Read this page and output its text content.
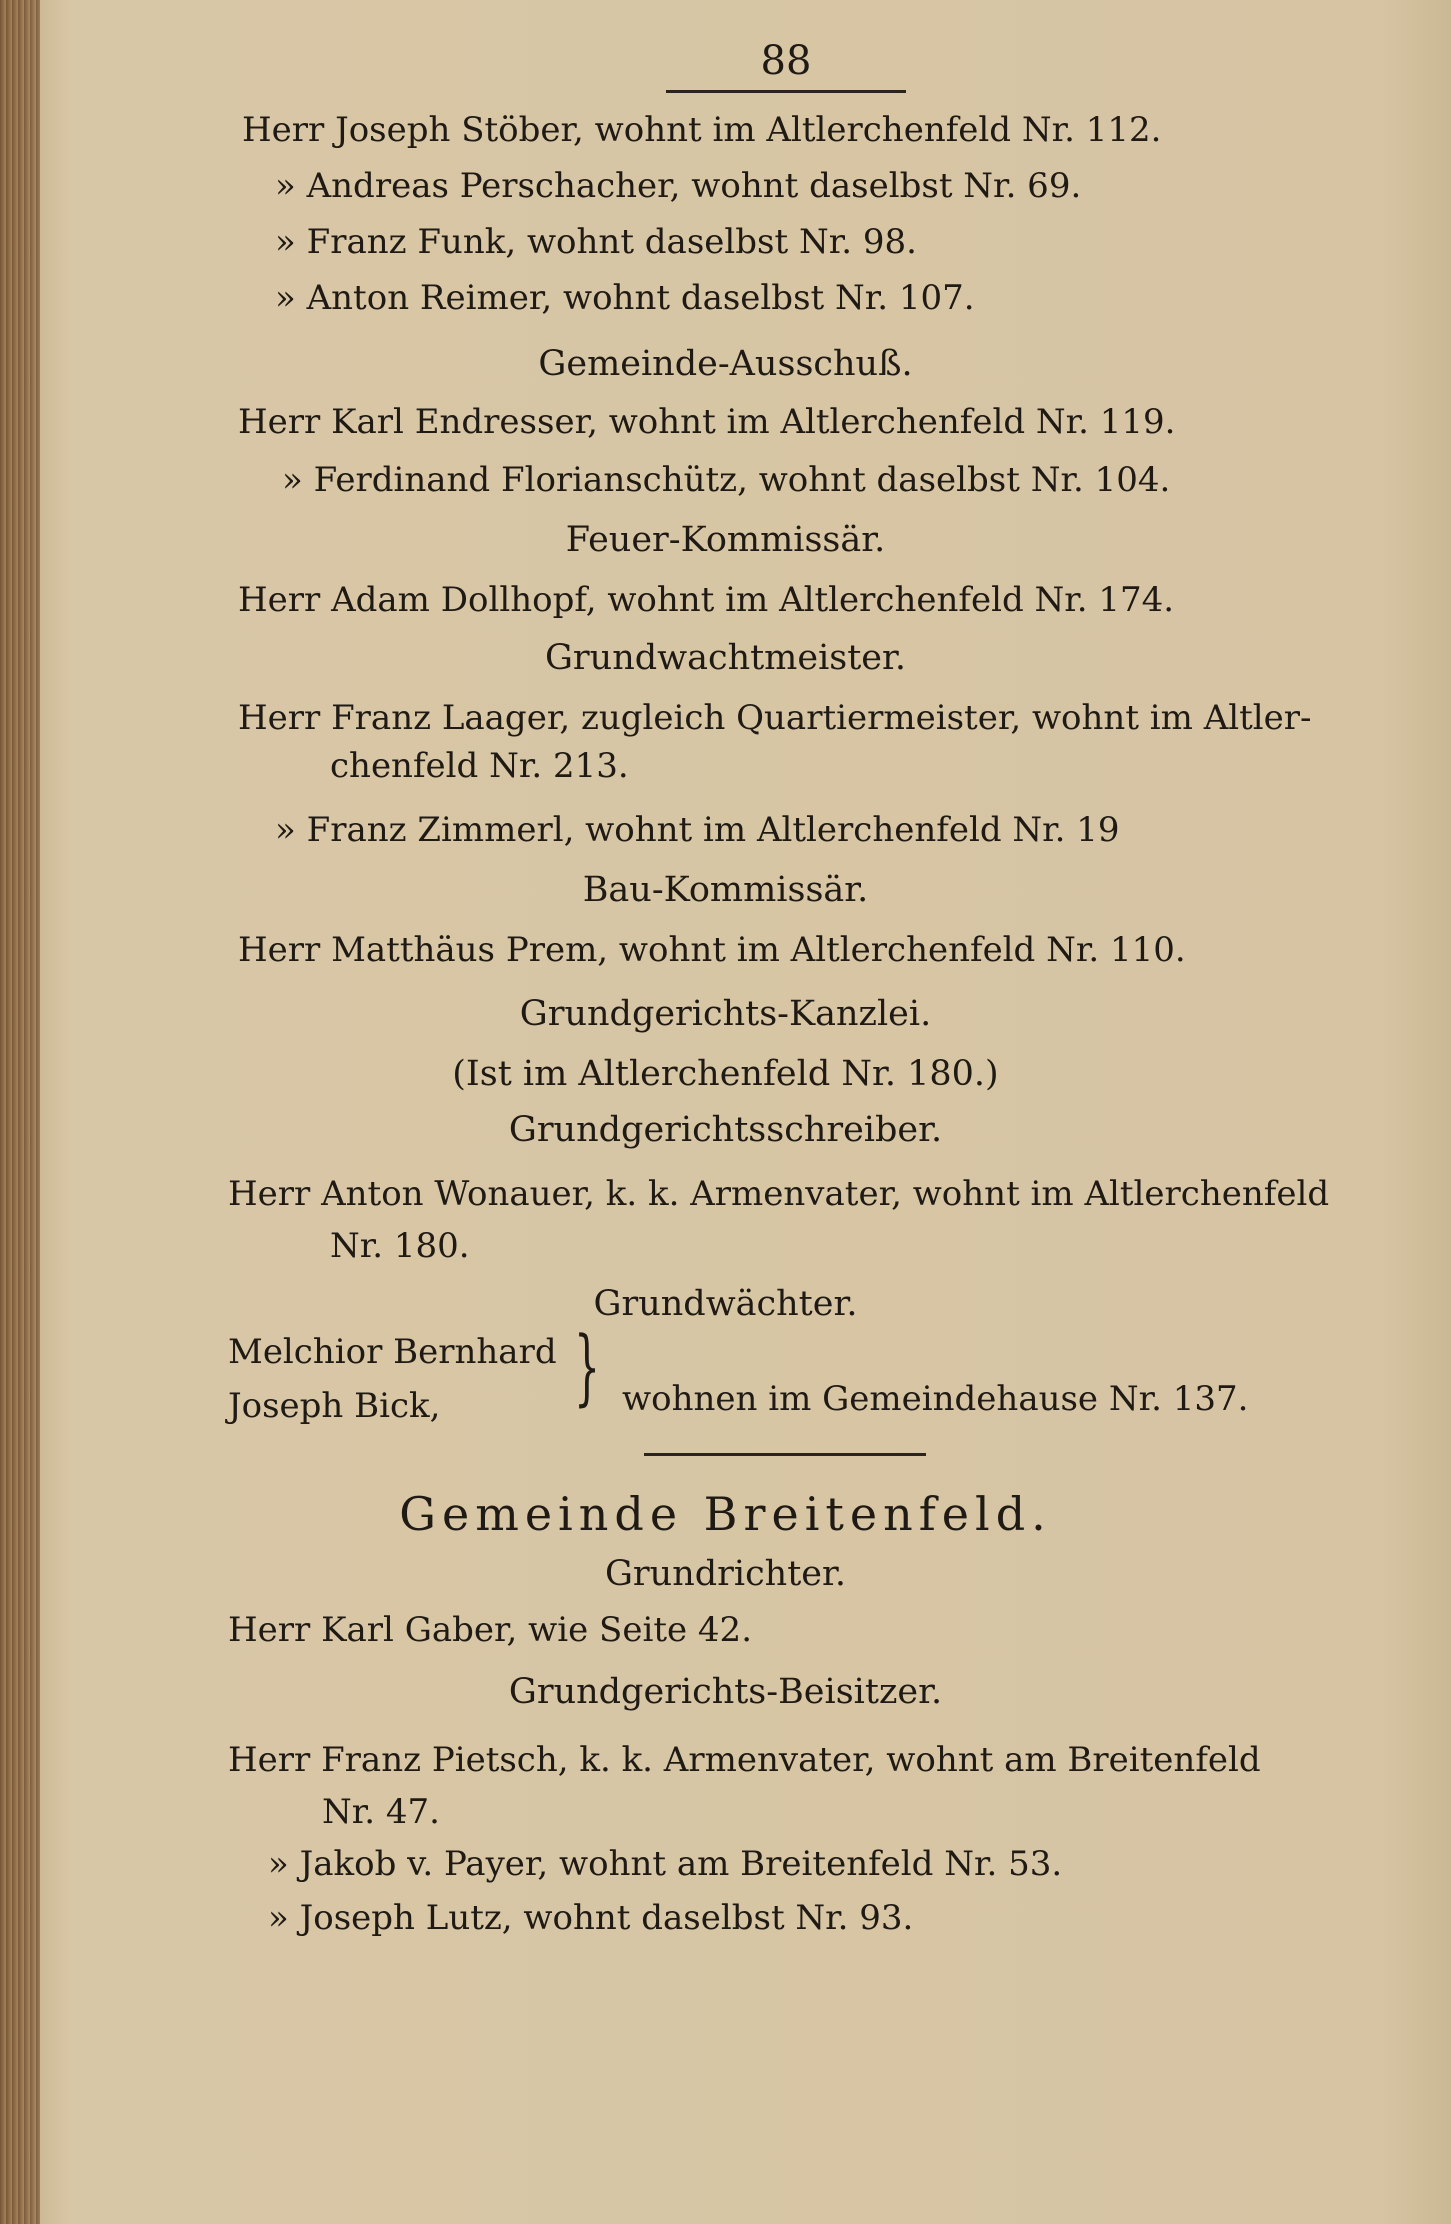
88
Herr Joseph Stöber, wohnt im Altlerchenfeld Nr. 112.
» Andreas Perschacher, wohnt daselbst Nr. 69.
» Franz Funk, wohnt daselbst Nr. 98.
» Anton Reimer, wohnt daselbst Nr. 107.
Gemeinde-Ausschuß.
Herr Karl Endresser, wohnt im Altlerchenfeld Nr. 119.
» Ferdinand Florianschütz, wohnt daselbst Nr. 104.
Feuer-Kommissär.
Herr Adam Dollhopf, wohnt im Altlerchenfeld Nr. 174.
Grundwachtmeister.
Herr Franz Laager, zugleich Quartiermeister, wohnt im Altler-
chenfeld Nr. 213.
» Franz Zimmerl, wohnt im Altlerchenfeld Nr. 19
Bau-Kommissär.
Herr Matthäus Prem, wohnt im Altlerchenfeld Nr. 110.
Grundgerichts-Kanzlei.
(Ist im Altlerchenfeld Nr. 180.)
Grundgerichtsschreiber.
Herr Anton Wonauer, k. k. Armenvater, wohnt im Altlerchenfeld
Nr. 180.
Grundwächter.
Melchior Bernhard
Joseph Bick, } wohnen im Gemeindehause Nr. 137.
Gemeinde Breitenfeld.
Grundrichter.
Herr Karl Gaber, wie Seite 42.
Grundgerichts-Beisitzer.
Herr Franz Pietsch, k. k. Armenvater, wohnt am Breitenfeld
Nr. 47.
» Jakob v. Payer, wohnt am Breitenfeld Nr. 53.
» Joseph Lutz, wohnt daselbst Nr. 93.
